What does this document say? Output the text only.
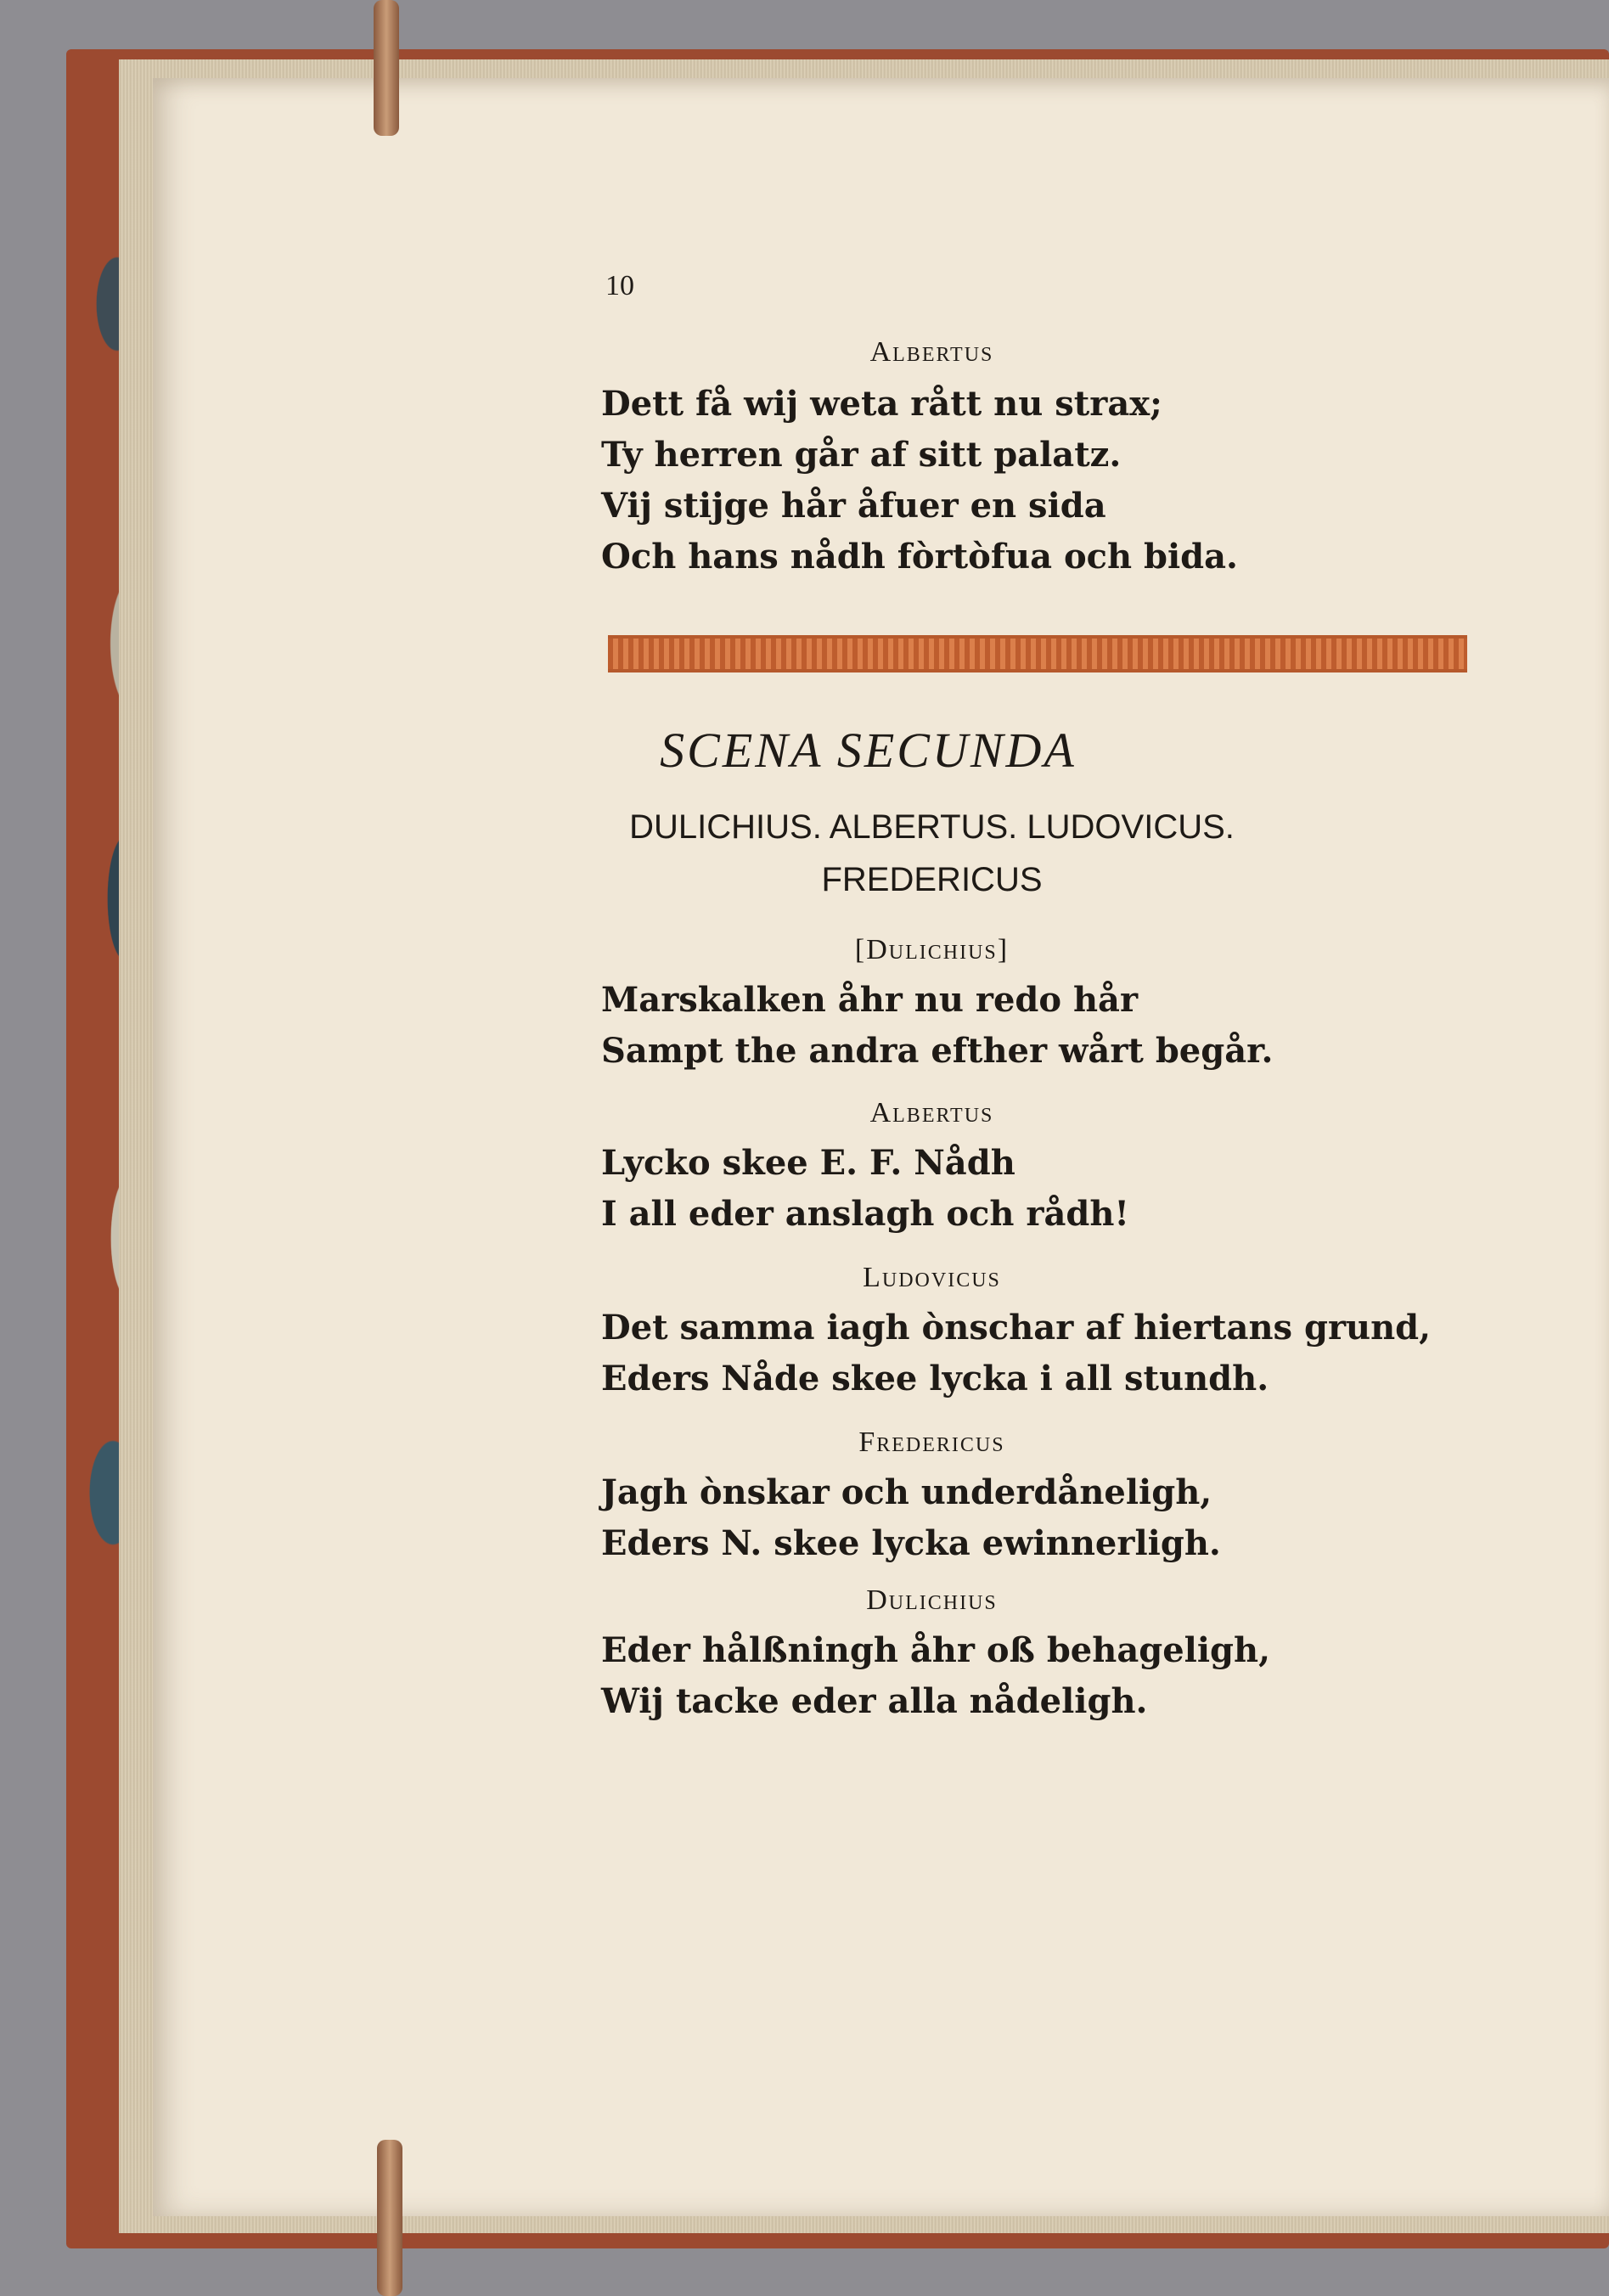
10
Albertus
Dett få wij weta rått nu strax;
Ty herren går af sitt palatz.
Vij stijge hår åfuer en sida
Och hans nådh fòrtòfua och bida.
SCENA SECUNDA
DULICHIUS. ALBERTUS. LUDOVICUS.
FREDERICUS
[Dulichius]
Marskalken åhr nu redo hår
Sampt the andra efther wårt begår.
Albertus
Lycko skee E. F. Nådh
I all eder anslagh och rådh!
Ludovicus
Det samma iagh ònschar af hiertans grund,
Eders Nåde skee lycka i all stundh.
Fredericus
Jagh ònskar och underdåneligh,
Eders N. skee lycka ewinnerligh.
Dulichius
Eder hålßningh åhr oß behageligh,
Wij tacke eder alla nådeligh.
